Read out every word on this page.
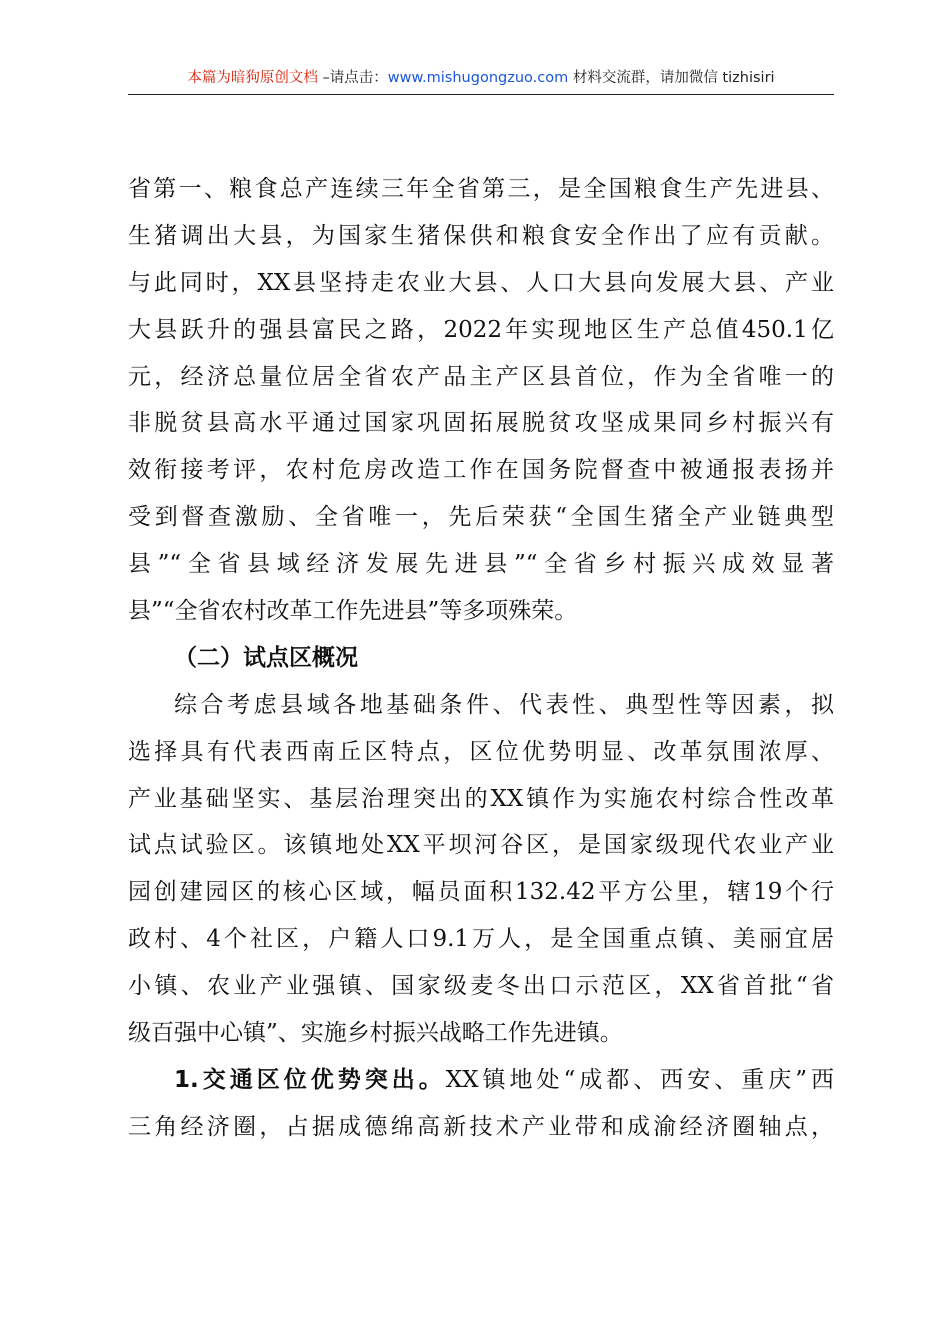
本篇为暗狗原创文档 –请点击：www.mishugongzuo.com 材料交流群，请加微信 tizhisiri
省第一、粮食总产连续三年全省第三，是全国粮食生产先进县、
生猪调出大县，为国家生猪保供和粮食安全作出了应有贡献。
与此同时，XX县坚持走农业大县、人口大县向发展大县、产业
大县跃升的强县富民之路，2022年实现地区生产总值450.1亿
元，经济总量位居全省农产品主产区县首位，作为全省唯一的
非脱贫县高水平通过国家巩固拓展脱贫攻坚成果同乡村振兴有
效衔接考评，农村危房改造工作在国务院督查中被通报表扬并
受到督查激励、全省唯一，先后荣获“全国生猪全产业链典型
县”“全省县域经济发展先进县”“全省乡村振兴成效显著
县”“全省农村改革工作先进县”等多项殊荣。
（二）试点区概况
综合考虑县域各地基础条件、代表性、典型性等因素，拟
选择具有代表西南丘区特点，区位优势明显、改革氛围浓厚、
产业基础坚实、基层治理突出的XX镇作为实施农村综合性改革
试点试验区。该镇地处XX平坝河谷区，是国家级现代农业产业
园创建园区的核心区域，幅员面积132.42平方公里，辖19个行
政村、4个社区，户籍人口9.1万人，是全国重点镇、美丽宜居
小镇、农业产业强镇、国家级麦冬出口示范区，XX省首批“省
级百强中心镇”、实施乡村振兴战略工作先进镇。
1.交通区位优势突出。XX镇地处“成都、西安、重庆”西
三角经济圈，占据成德绵高新技术产业带和成渝经济圈轴点，
